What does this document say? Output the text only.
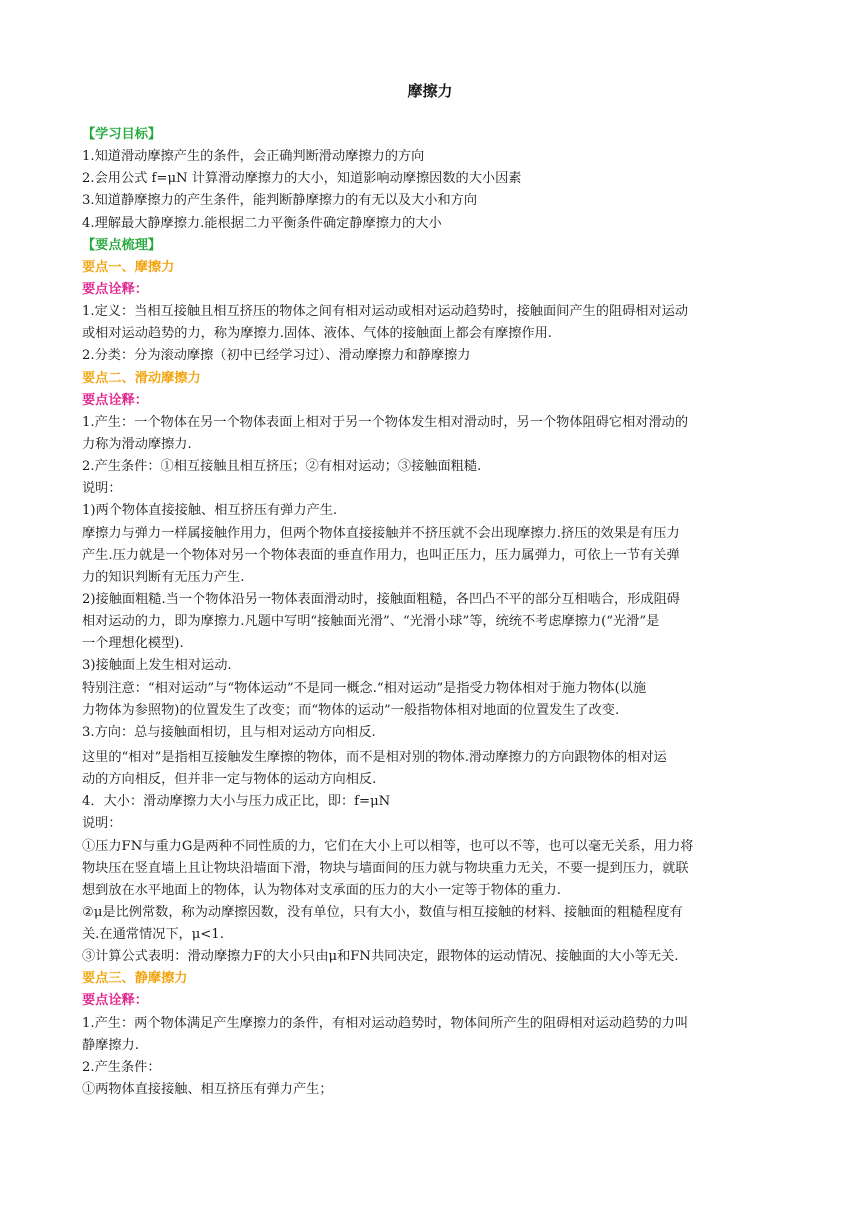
摩擦力
【学习目标】
1.知道滑动摩擦产生的条件，会正确判断滑动摩擦力的方向
2.会用公式 f=μN 计算滑动摩擦力的大小，知道影响动摩擦因数的大小因素
3.知道静摩擦力的产生条件，能判断静摩擦力的有无以及大小和方向
4.理解最大静摩擦力.能根据二力平衡条件确定静摩擦力的大小
【要点梳理】
要点一、摩擦力
要点诠释：
1.定义：当相互接触且相互挤压的物体之间有相对运动或相对运动趋势时，接触面间产生的阻碍相对运动
或相对运动趋势的力，称为摩擦力.固体、液体、气体的接触面上都会有摩擦作用.
2.分类：分为滚动摩擦（初中已经学习过）、滑动摩擦力和静摩擦力
要点二、滑动摩擦力
要点诠释：
1.产生：一个物体在另一个物体表面上相对于另一个物体发生相对滑动时，另一个物体阻碍它相对滑动的
力称为滑动摩擦力.
2.产生条件：①相互接触且相互挤压；②有相对运动；③接触面粗糙.
说明：
1)两个物体直接接触、相互挤压有弹力产生.
摩擦力与弹力一样属接触作用力，但两个物体直接接触并不挤压就不会出现摩擦力.挤压的效果是有压力
产生.压力就是一个物体对另一个物体表面的垂直作用力，也叫正压力，压力属弹力，可依上一节有关弹
力的知识判断有无压力产生.
2)接触面粗糙.当一个物体沿另一物体表面滑动时，接触面粗糙，各凹凸不平的部分互相啮合，形成阻碍
相对运动的力，即为摩擦力.凡题中写明“接触面光滑”、“光滑小球”等，统统不考虑摩擦力(“光滑”是
一个理想化模型).
3)接触面上发生相对运动.
特别注意：“相对运动”与“物体运动”不是同一概念.“相对运动”是指受力物体相对于施力物体(以施
力物体为参照物)的位置发生了改变；而“物体的运动”一般指物体相对地面的位置发生了改变.
3.方向：总与接触面相切，且与相对运动方向相反.
这里的“相对”是指相互接触发生摩擦的物体，而不是相对别的物体.滑动摩擦力的方向跟物体的相对运
动的方向相反，但并非一定与物体的运动方向相反.
4．大小：滑动摩擦力大小与压力成正比，即：f=μN
说明：
①压力FN与重力G是两种不同性质的力，它们在大小上可以相等，也可以不等，也可以毫无关系，用力将
物块压在竖直墙上且让物块沿墙面下滑，物块与墙面间的压力就与物块重力无关，不要一提到压力，就联
想到放在水平地面上的物体，认为物体对支承面的压力的大小一定等于物体的重力.
②μ是比例常数，称为动摩擦因数，没有单位，只有大小，数值与相互接触的材料、接触面的粗糙程度有
关.在通常情况下，μ<1.
③计算公式表明：滑动摩擦力F的大小只由μ和FN共同决定，跟物体的运动情况、接触面的大小等无关.
要点三、静摩擦力
要点诠释：
1.产生：两个物体满足产生摩擦力的条件，有相对运动趋势时，物体间所产生的阻碍相对运动趋势的力叫
静摩擦力.
2.产生条件：
①两物体直接接触、相互挤压有弹力产生；
